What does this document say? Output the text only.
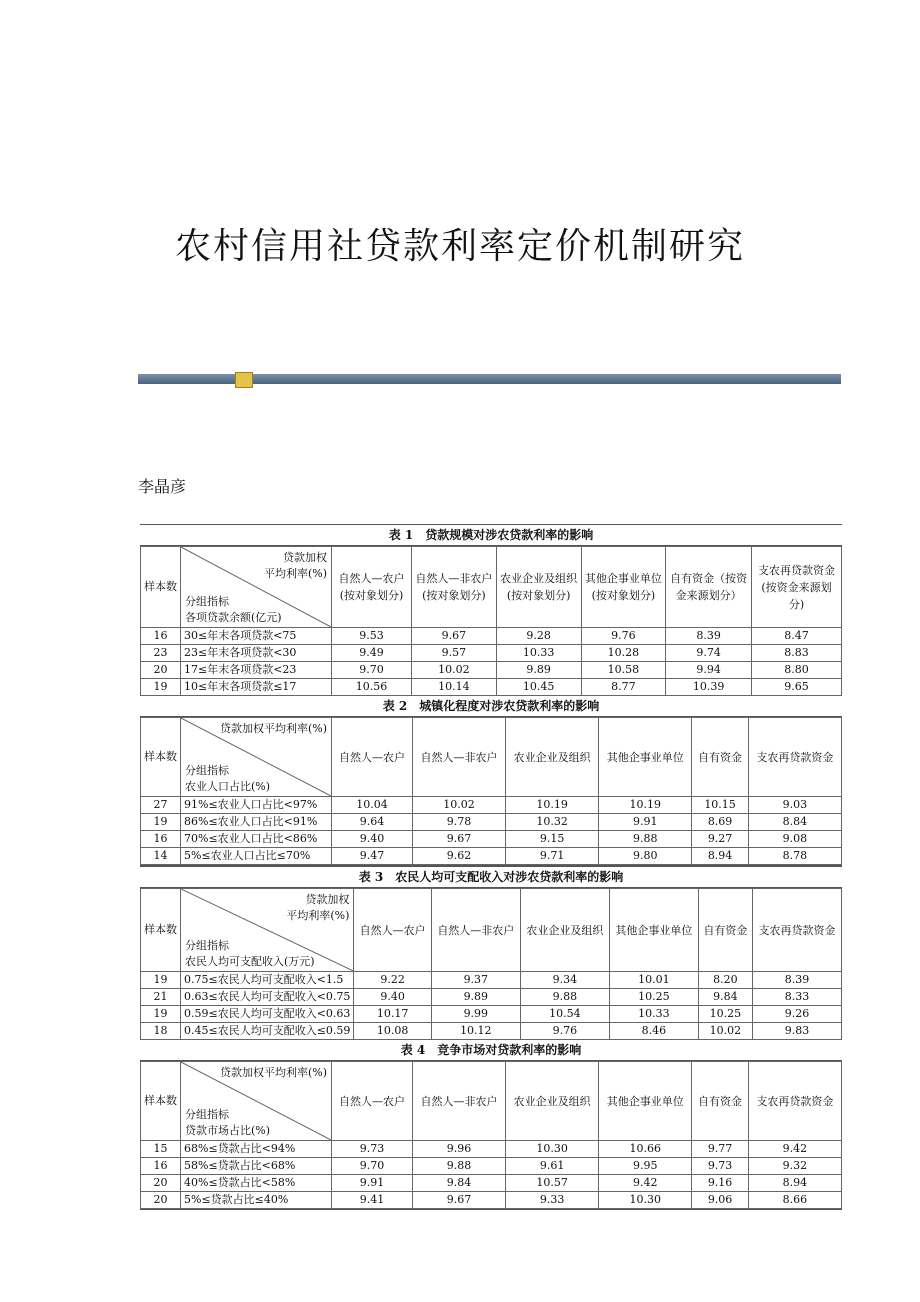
农村信用社贷款利率定价机制研究
李晶彦
表 1　贷款规模对涉农贷款利率的影响
样本数	贷款加权
平均利率(%)
分组指标
各项贷款余额(亿元)	自然人—农户(按对象划分)	自然人—非农户(按对象划分)	农业企业及组织(按对象划分)	其他企事业单位(按对象划分)	自有资金（按资金来源划分）	支农再贷款资金(按资金来源划分)
16	30≤年末各项贷款<75	9.53	9.67	9.28	9.76	8.39	8.47
23	23≤年末各项贷款<30	9.49	9.57	10.33	10.28	9.74	8.83
20	17≤年末各项贷款<23	9.70	10.02	9.89	10.58	9.94	8.80
19	10≤年末各项贷款≤17	10.56	10.14	10.45	8.77	10.39	9.65
表 2　城镇化程度对涉农贷款利率的影响
样本数	贷款加权平均利率(%)
分组指标
农业人口占比(%)	自然人—农户	自然人—非农户	农业企业及组织	其他企事业单位	自有资金	支农再贷款资金
27	91%≤农业人口占比<97%	10.04	10.02	10.19	10.19	10.15	9.03
19	86%≤农业人口占比<91%	9.64	9.78	10.32	9.91	8.69	8.84
16	70%≤农业人口占比<86%	9.40	9.67	9.15	9.88	9.27	9.08
14	5%≤农业人口占比≤70%	9.47	9.62	9.71	9.80	8.94	8.78
表 3　农民人均可支配收入对涉农贷款利率的影响
样本数	贷款加权
平均利率(%)
分组指标
农民人均可支配收入(万元)	自然人—农户	自然人—非农户	农业企业及组织	其他企事业单位	自有资金	支农再贷款资金
19	0.75≤农民人均可支配收入<1.5	9.22	9.37	9.34	10.01	8.20	8.39
21	0.63≤农民人均可支配收入<0.75	9.40	9.89	9.88	10.25	9.84	8.33
19	0.59≤农民人均可支配收入<0.63	10.17	9.99	10.54	10.33	10.25	9.26
18	0.45≤农民人均可支配收入≤0.59	10.08	10.12	9.76	8.46	10.02	9.83
表 4　竞争市场对贷款利率的影响
样本数	贷款加权平均利率(%)
分组指标
贷款市场占比(%)	自然人—农户	自然人—非农户	农业企业及组织	其他企事业单位	自有资金	支农再贷款资金
15	68%≤贷款占比<94%	9.73	9.96	10.30	10.66	9.77	9.42
16	58%≤贷款占比<68%	9.70	9.88	9.61	9.95	9.73	9.32
20	40%≤贷款占比<58%	9.91	9.84	10.57	9.42	9.16	8.94
20	5%≤贷款占比≤40%	9.41	9.67	9.33	10.30	9.06	8.66
